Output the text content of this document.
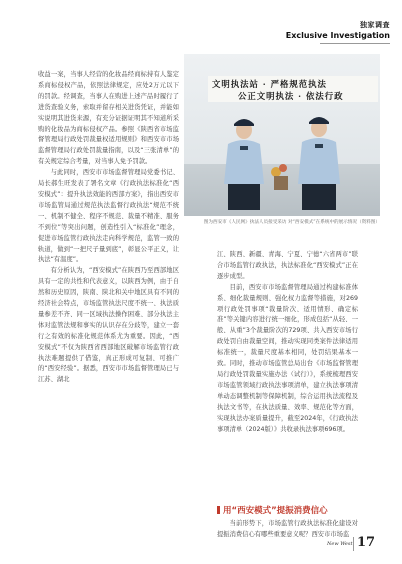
独家调查
Exclusive Investigation

收益一案，当事人经营的化妆品经商标持有人鉴定系商标侵权产品，依照法律规定，应处2万元以下的罚款。经调查，当事人在购进上述产品时履行了进货查验义务，索取并留存相关进货凭证，并能如实说明其进货来源，有充分证据证明其不知道所采购的化妆品为商标侵权产品。参照《陕西省市场监督管理局行政处罚裁量权适用规则》和西安市市场监督管理局行政处罚裁量指南，以及“三张清单”的有关规定综合考量，对当事人免予罚款。

与此同时，西安市市场监督管理局党委书记、局长郝生旺发表了署名文章《行政执法标准化“西安模式”：提升执法效能的西部方案》，指出西安市市场监管局通过规范执法监督行政执法“规范不统一、机制不健全、程序不规范、裁量不精准、服务不到位”等突出问题，创造性引入“标准化”理念，促进市场监管行政执法走向科学规范，监管一致的轨道，做到“一把尺子量到底”，彰显公平正义，让执法“有温度”。

有分析认为，“西安模式”在陕西乃至西部地区具有一定的共性和代表意义，以陕西为例，由于自然和历史原因，陕南、陕北和关中地区具有不同的经济社会特点，市场监管执法尺度不统一、执法质量参差不齐、同一区域执法操作困难、部分执法主体对监管法规和事实的认识存在分歧等，建立一套行之有效的标准化规范体系尤为重要。因此，“西安模式”不仅为陕西省西部地区破解市场监管行政执法难题提供了借鉴，真正形成可复制、可推广的“西安经验”。据悉，西安市市场监督管理局已与江苏、湖北

文明执法站 · 严格规范执法
公正文明执法 · 依法行政
图为西安市《人民网》执法人员接受采访 对“西安模式”在系统中的展示情况（资料图）

江、陕西、新疆、青海、宁夏、宁德“六省两市”联合市场监管行政执法，执法标准化“西安模式”正在逐步成型。

目前，西安市市场监督管理局通过构建标准体系、细化裁量规则、强化权力监督等措施，对269项行政处罚事项“裁量阶次、适用情形、确定标准”等关键内容进行统一细化，形成包括“从轻、一般、从重”3个裁量阶次的729项、共入西安市场行政处罚自由裁量空间，推动实现同类案件法律适用标准统一，裁量尺度基本相同，处罚结果基本一致。同时，推动市场监管总局出台《市场监督管理局行政处罚裁量实施办法（试行）》，系统梳理西安市场监管领域行政执法事项清单，建立执法事项清单动态调整机制等保障机制，综合运用执法流程及执法文书等，在执法质量、效率、规范化等方面，实现执法办案质量提升，截至2024年，《行政执法事项清单（2024版）》共收录执法事项696项。

用“西安模式”提振消费信心

当前形势下，市场监管行政执法标准化建设对提振消费信心有哪些重要意义呢？西安市市场监

New West 17
